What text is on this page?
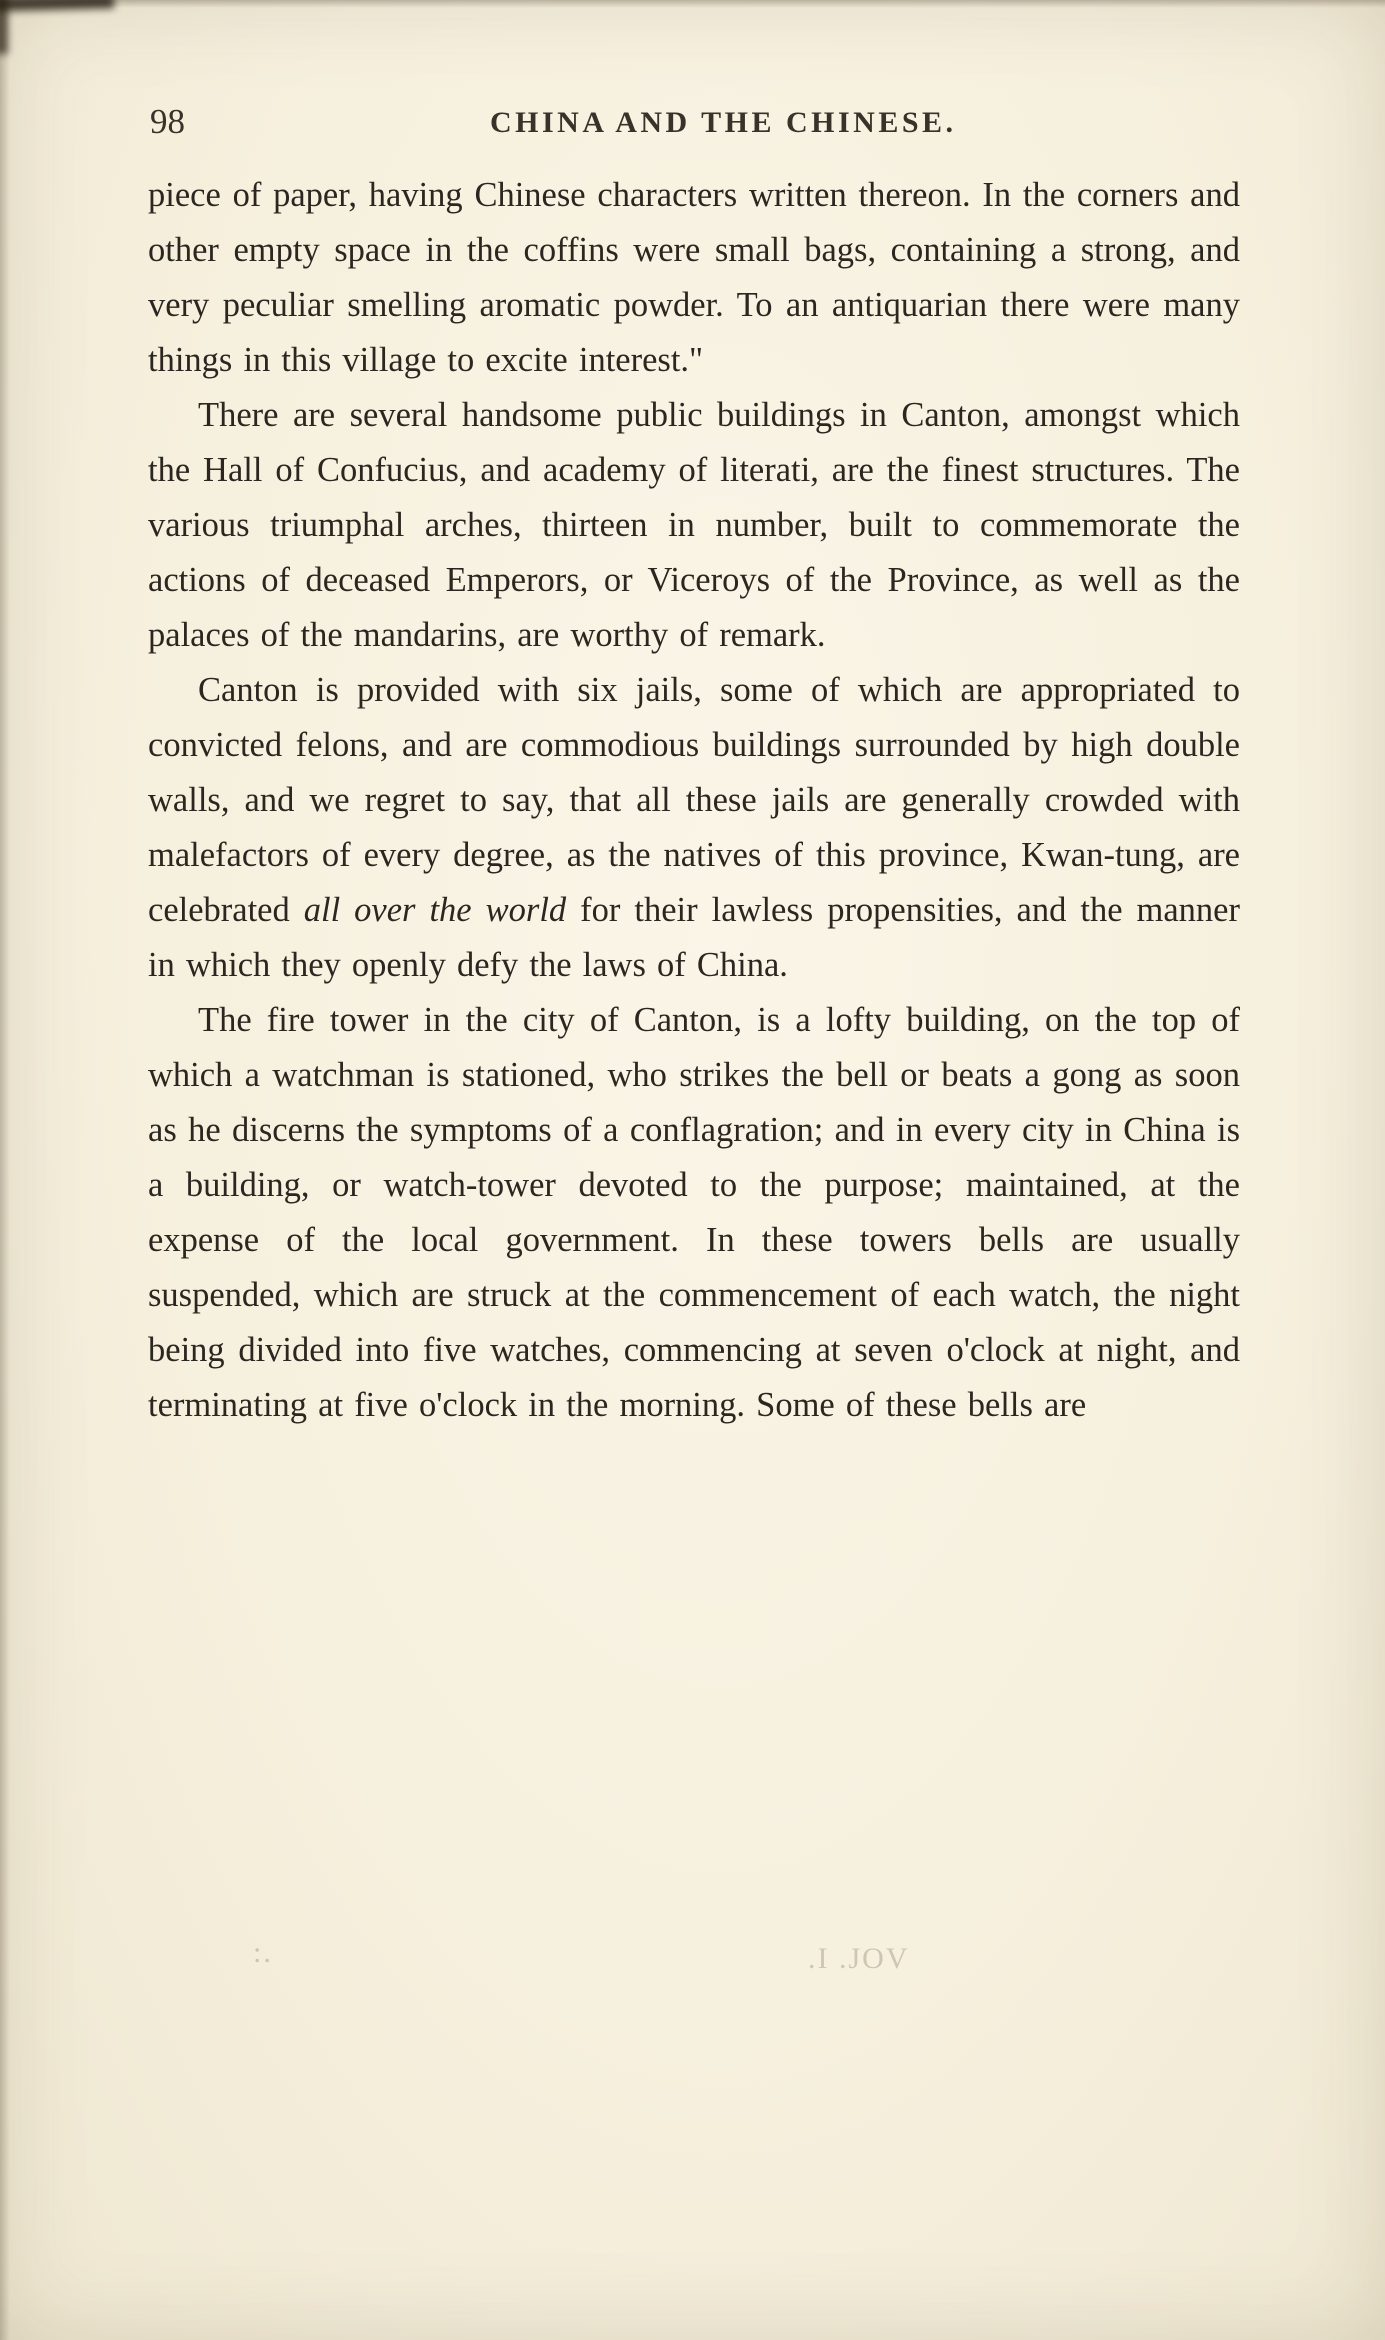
98	CHINA AND THE CHINESE.

piece of paper, having Chinese characters written thereon. In the corners and other empty space in the coffins were small bags, containing a strong, and very peculiar smelling aromatic powder. To an antiquarian there were many things in this village to excite interest."

There are several handsome public buildings in Canton, amongst which the Hall of Confucius, and academy of literati, are the finest structures. The various triumphal arches, thirteen in number, built to commemorate the actions of deceased Emperors, or Viceroys of the Province, as well as the palaces of the mandarins, are worthy of remark.

Canton is provided with six jails, some of which are appropriated to convicted felons, and are commodious buildings surrounded by high double walls, and we regret to say, that all these jails are generally crowded with malefactors of every degree, as the natives of this province, Kwan-tung, are celebrated all over the world for their lawless propensities, and the manner in which they openly defy the laws of China.

The fire tower in the city of Canton, is a lofty building, on the top of which a watchman is stationed, who strikes the bell or beats a gong as soon as he discerns the symptoms of a conflagration; and in every city in China is a building, or watch-tower devoted to the purpose; maintained, at the expense of the local government. In these towers bells are usually suspended, which are struck at the commencement of each watch, the night being divided into five watches, commencing at seven o'clock at night, and terminating at five o'clock in the morning. Some of these bells are

:.	.I .JOV
